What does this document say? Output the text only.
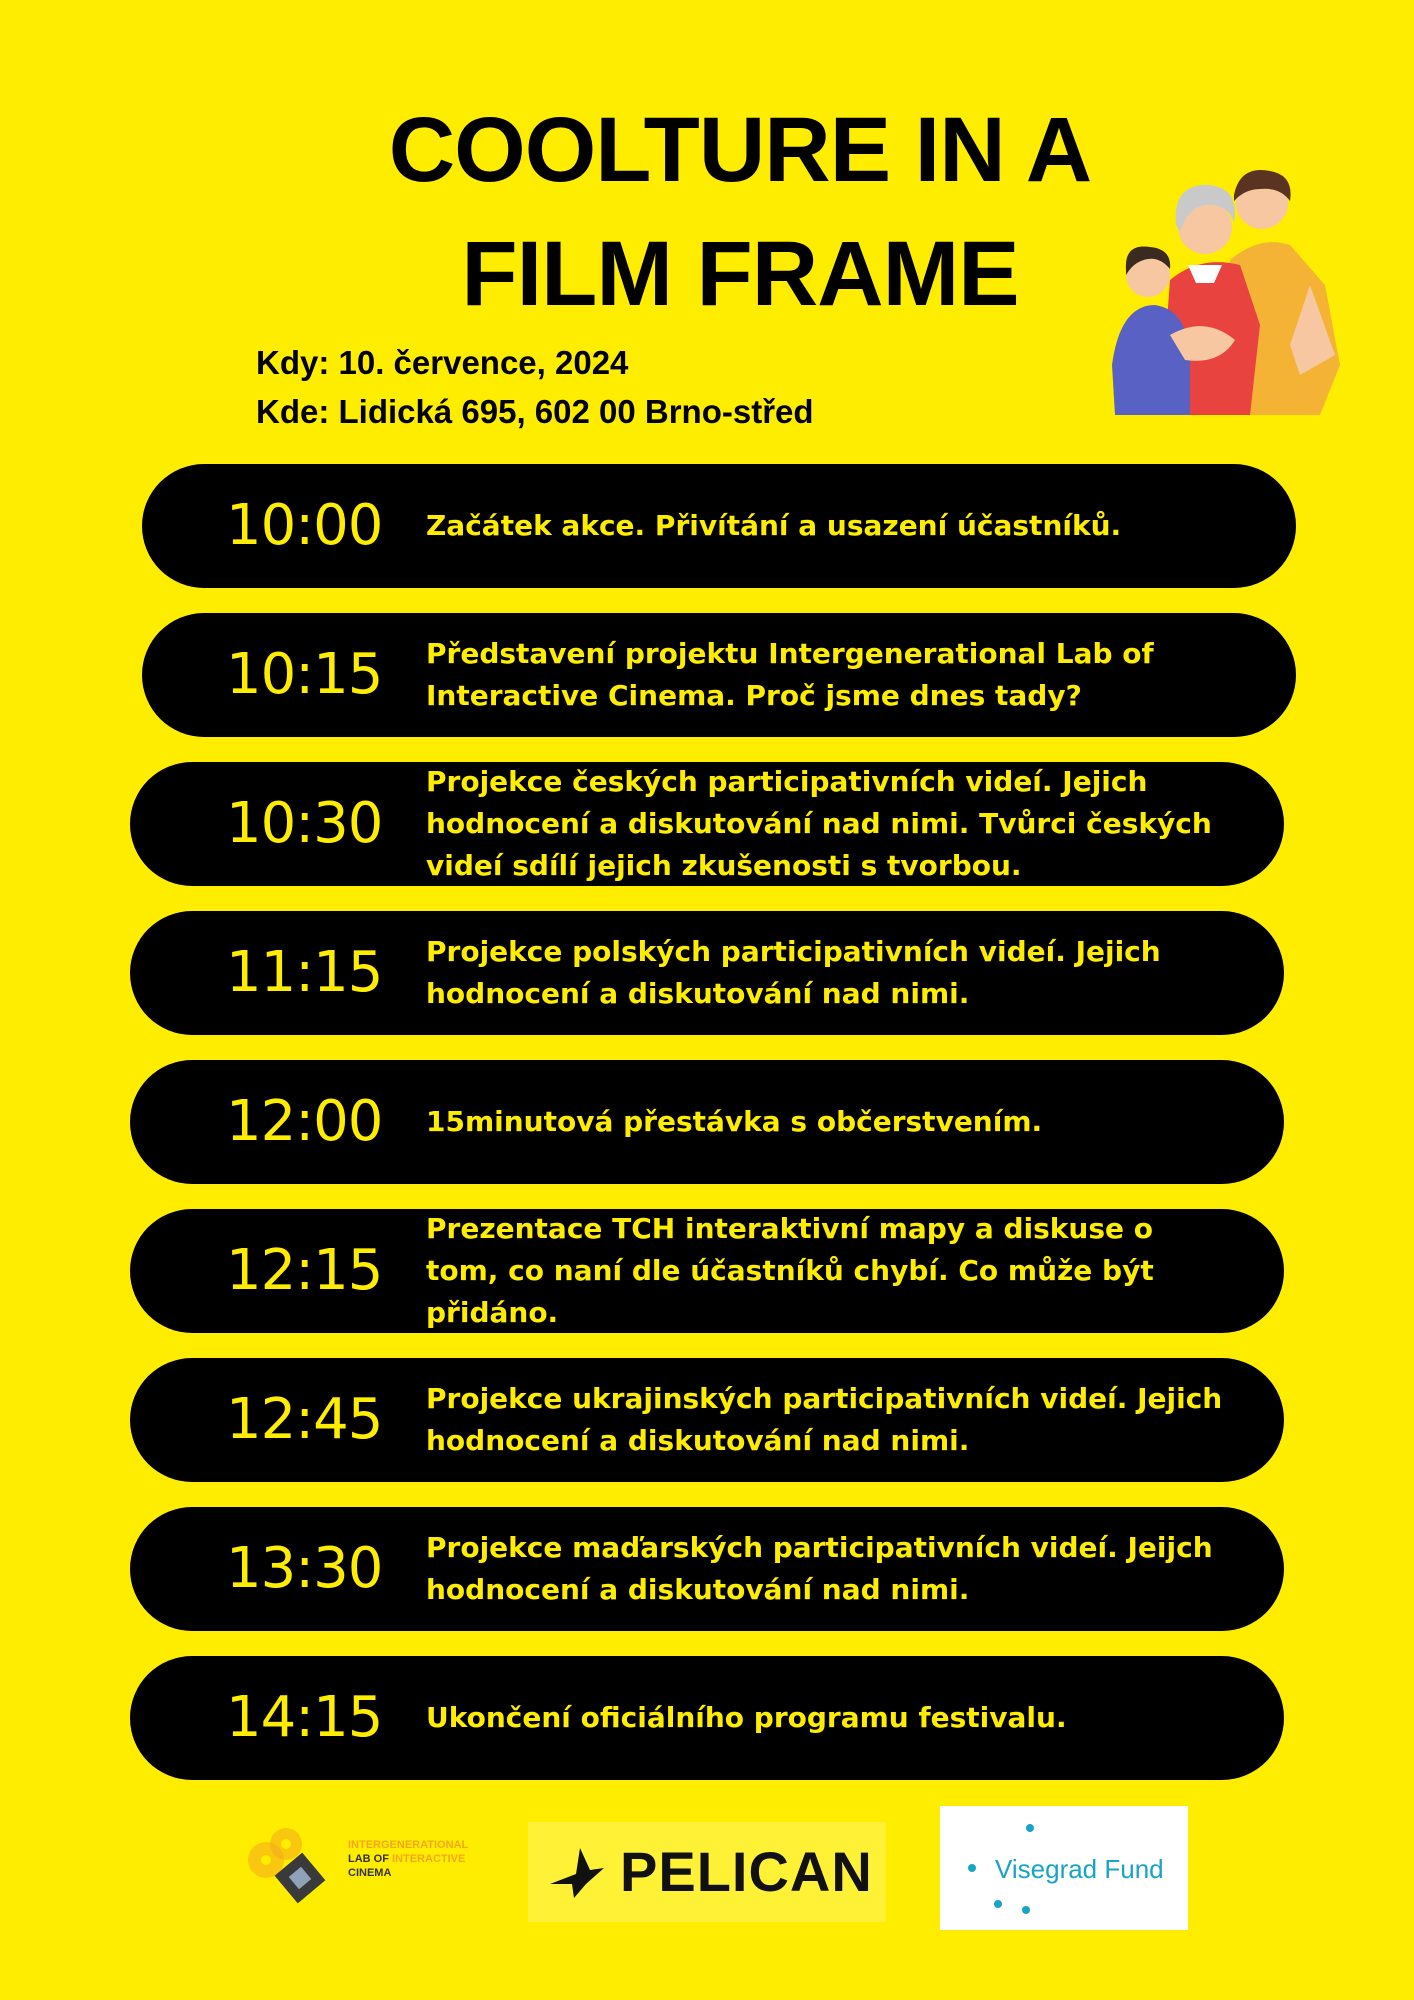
COOLTURE IN A
FILM FRAME
Kdy: 10. července, 2024
Kde: Lidická 695, 602 00 Brno-střed
10:00 Začátek akce. Přivítání a usazení účastníků.
10:15 Představení projektu Intergenerational Lab of Interactive Cinema. Proč jsme dnes tady?
10:30
Projekce českých participativních videí. Jejich hodnocení a diskutování nad nimi. Tvůrci českých videí sdílí jejich zkušenosti s tvorbou.
11:15 Projekce polských participativních videí. Jejich hodnocení a diskutování nad nimi.
12:00 15minutová přestávka s občerstvením.
12:15
Prezentace TCH interaktivní mapy a diskuse o tom, co naní dle účastníků chybí. Co může být přidáno.
12:45 Projekce ukrajinských participativních videí. Jejich hodnocení a diskutování nad nimi.
13:30 Projekce maďarských participativních videí. Jeijch hodnocení a diskutování nad nimi.
14:15 Ukončení oficiálního programu festivalu.
INTERGENERATIONAL
LAB OF INTERACTIVE
CINEMA	PELICAN	Visegrad Fund
